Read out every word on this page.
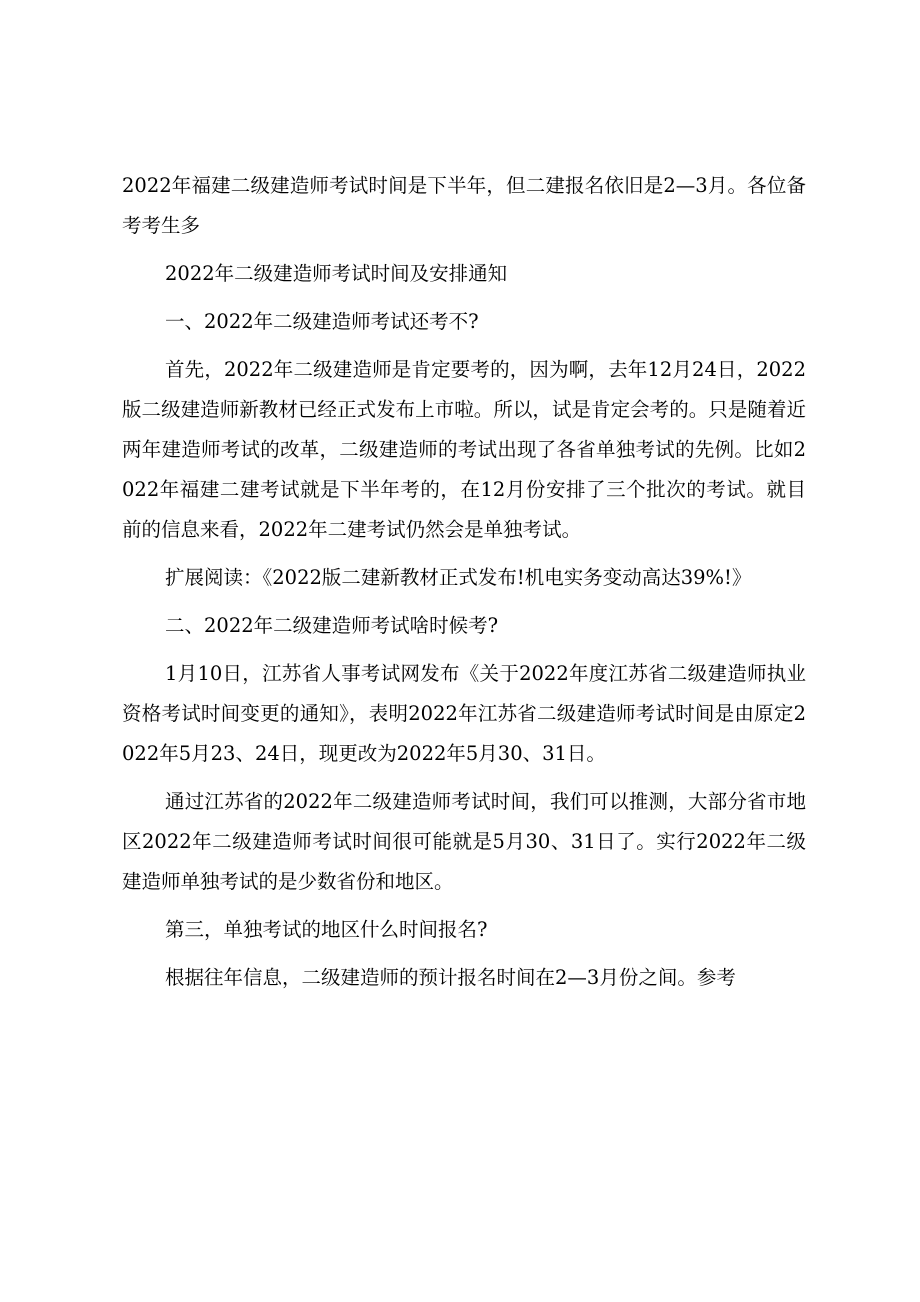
2022年福建二级建造师考试时间是下半年，但二建报名依旧是2—3月。各位备考考生多

2022年二级建造师考试时间及安排通知

一、2022年二级建造师考试还考不?

首先，2022年二级建造师是肯定要考的，因为啊，去年12月24日，2022版二级建造师新教材已经正式发布上市啦。所以，试是肯定会考的。只是随着近两年建造师考试的改革，二级建造师的考试出现了各省单独考试的先例。比如2022年福建二建考试就是下半年考的，在12月份安排了三个批次的考试。就目前的信息来看，2022年二建考试仍然会是单独考试。

扩展阅读：《2022版二建新教材正式发布!机电实务变动高达39%!》

二、2022年二级建造师考试啥时候考?

1月10日，江苏省人事考试网发布《关于2022年度江苏省二级建造师执业资格考试时间变更的通知》，表明2022年江苏省二级建造师考试时间是由原定2022年5月23、24日，现更改为2022年5月30、31日。

通过江苏省的2022年二级建造师考试时间，我们可以推测，大部分省市地区2022年二级建造师考试时间很可能就是5月30、31日了。实行2022年二级建造师单独考试的是少数省份和地区。

第三，单独考试的地区什么时间报名?

根据往年信息，二级建造师的预计报名时间在2—3月份之间。参考
